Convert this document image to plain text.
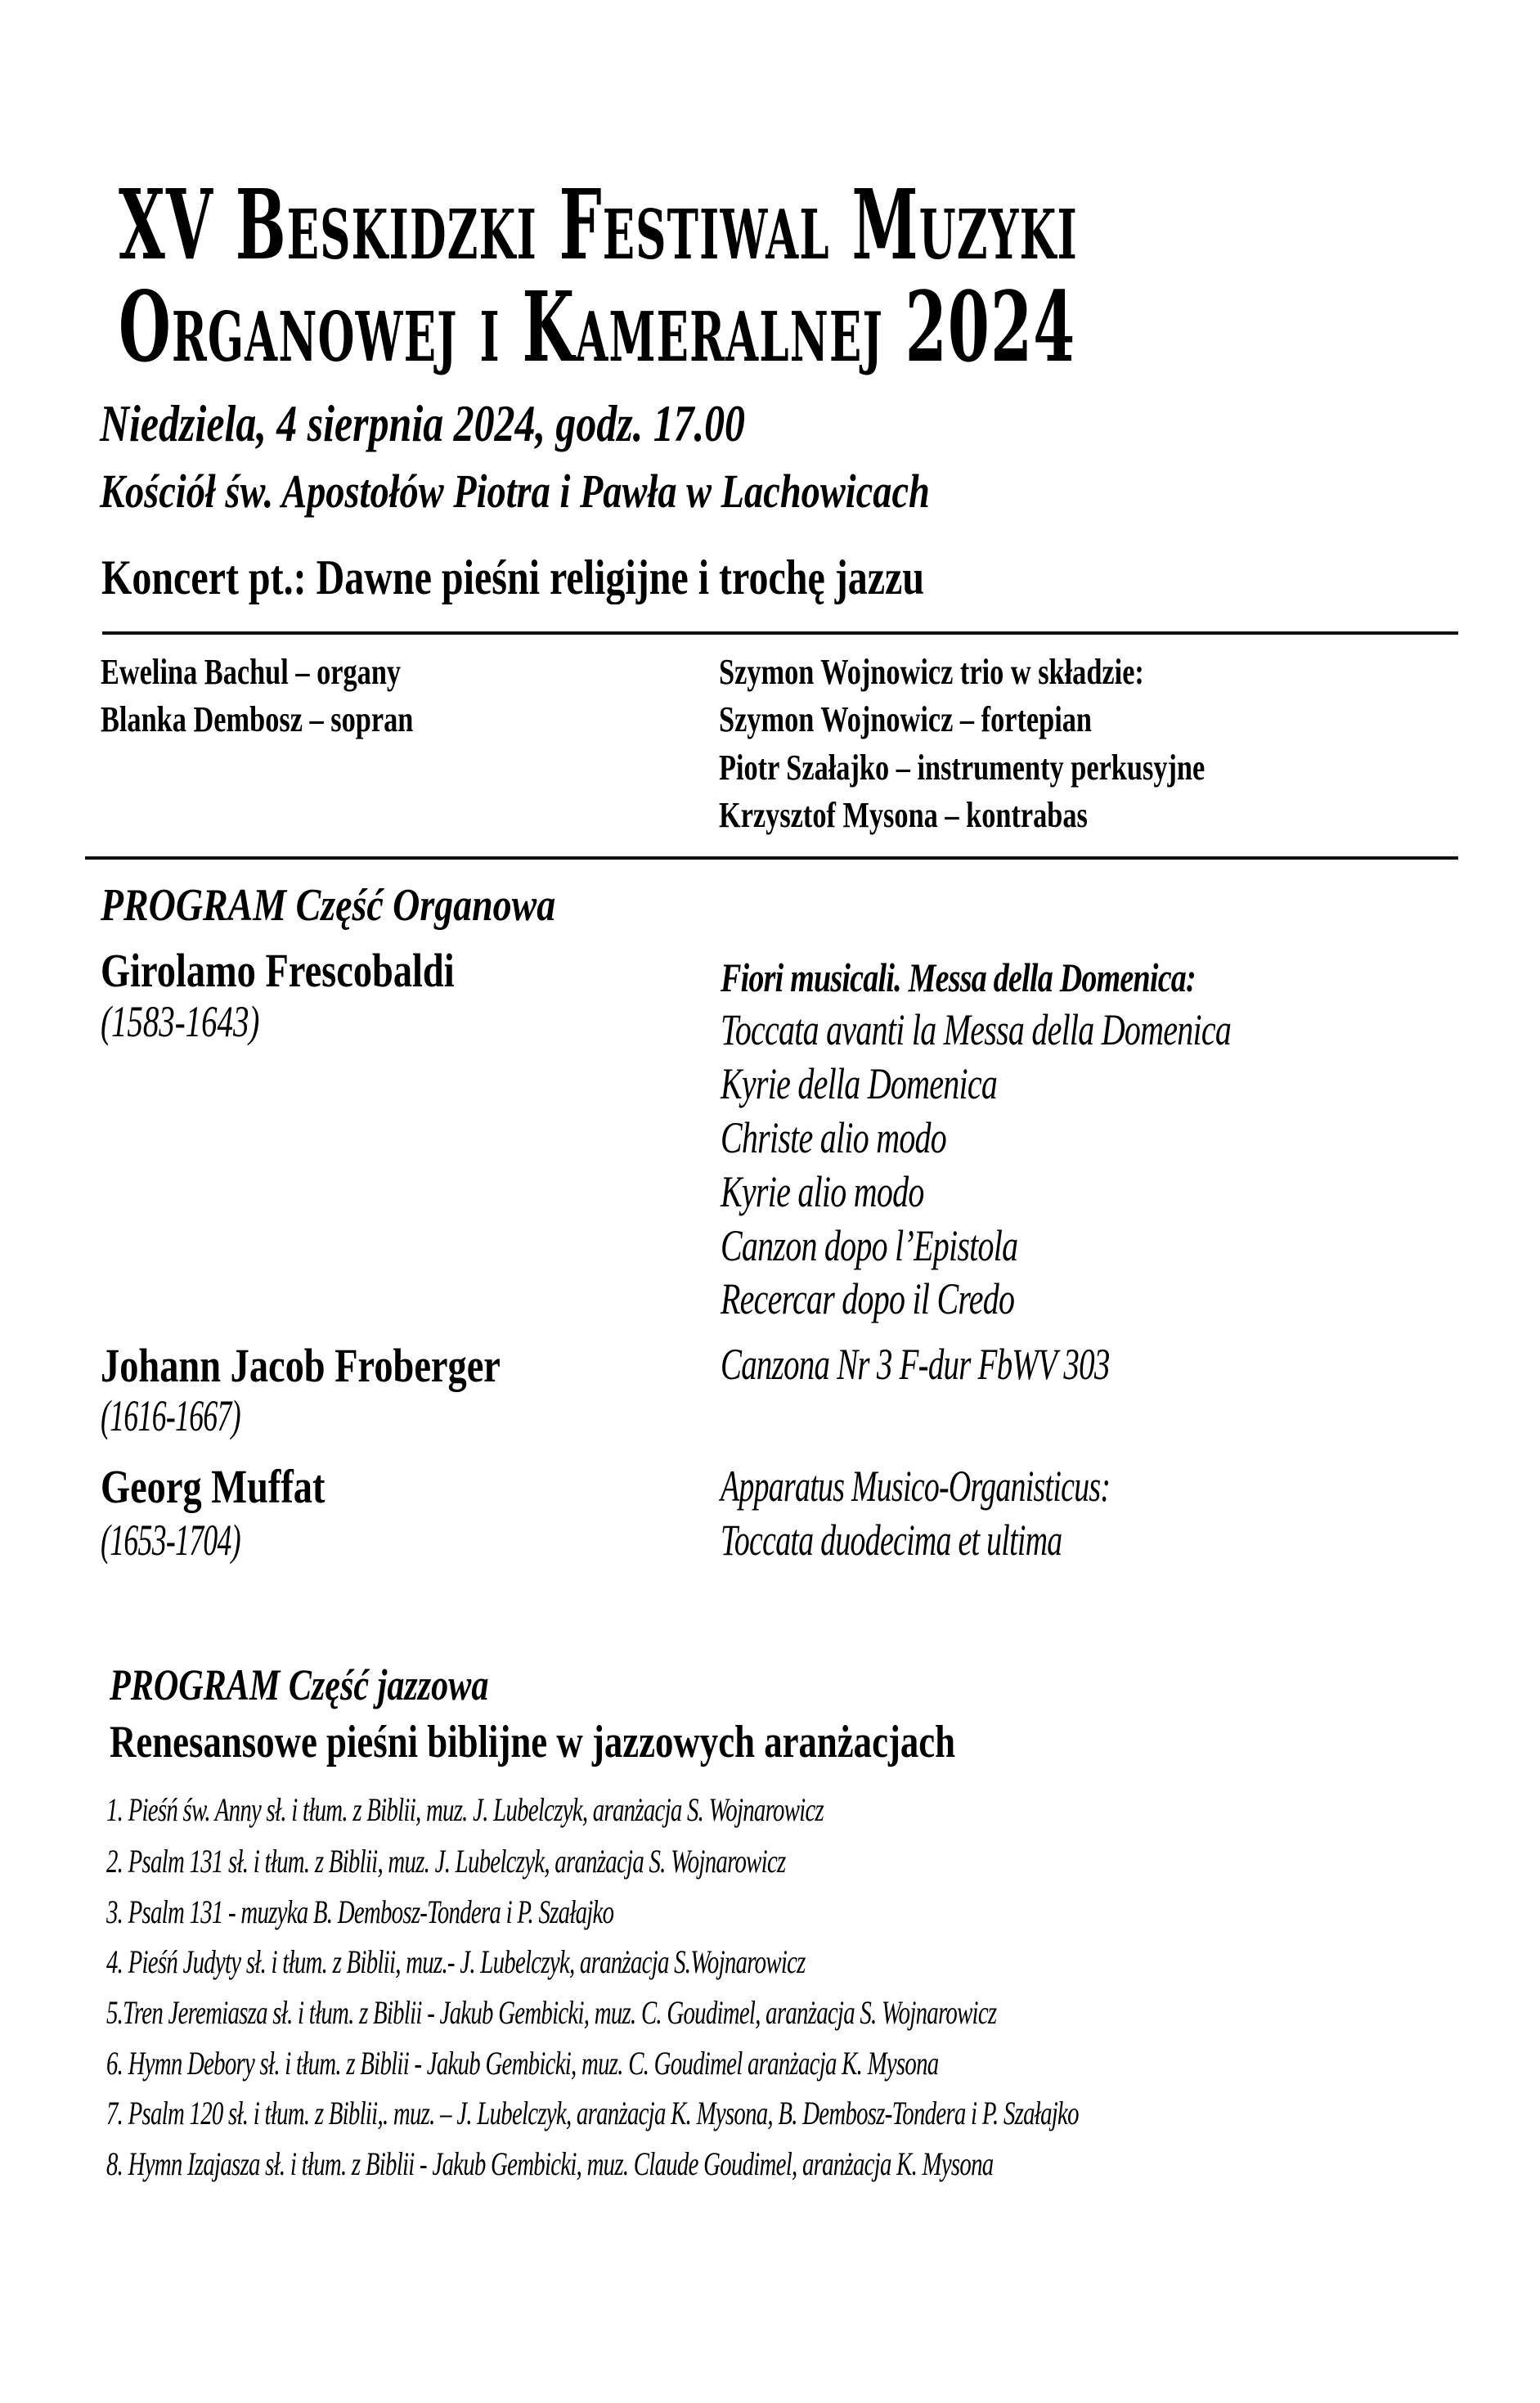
XV Beskidzki Festiwal Muzyki
Organowej i Kameralnej 2024
Niedziela, 4 sierpnia 2024, godz. 17.00
Kościół św. Apostołów Piotra i Pawła w Lachowicach
Koncert pt.: Dawne pieśni religijne i trochę jazzu
Ewelina Bachul – organy
Blanka Dembosz – sopran
Szymon Wojnowicz trio w składzie:
Szymon Wojnowicz – fortepian
Piotr Szałajko – instrumenty perkusyjne
Krzysztof Mysona – kontrabas
PROGRAM Część Organowa
Girolamo Frescobaldi
(1583-1643)
Fiori musicali. Messa della Domenica:
Toccata avanti la Messa della Domenica
Kyrie della Domenica
Christe alio modo
Kyrie alio modo
Canzon dopo l’Epistola
Recercar dopo il Credo
Johann Jacob Froberger
(1616-1667)
Canzona Nr 3 F-dur FbWV 303
Georg Muffat
(1653-1704)
Apparatus Musico-Organisticus:
Toccata duodecima et ultima
PROGRAM Część jazzowa
Renesansowe pieśni biblijne w jazzowych aranżacjach
1. Pieśń św. Anny sł. i tłum. z Biblii, muz. J. Lubelczyk, aranżacja S. Wojnarowicz
2. Psalm 131 sł. i tłum. z Biblii, muz. J. Lubelczyk, aranżacja S. Wojnarowicz
3. Psalm 131 - muzyka B. Dembosz-Tondera i P. Szałajko
4. Pieśń Judyty sł. i tłum. z Biblii, muz.- J. Lubelczyk, aranżacja S.Wojnarowicz
5.Tren Jeremiasza sł. i tłum. z Biblii - Jakub Gembicki, muz. C. Goudimel, aranżacja S. Wojnarowicz
6. Hymn Debory sł. i tłum. z Biblii - Jakub Gembicki, muz. C. Goudimel aranżacja K. Mysona
7. Psalm 120 sł. i tłum. z Biblii,. muz. – J. Lubelczyk, aranżacja K. Mysona, B. Dembosz-Tondera i P. Szałajko
8. Hymn Izajasza sł. i tłum. z Biblii - Jakub Gembicki, muz. Claude Goudimel, aranżacja K. Mysona
